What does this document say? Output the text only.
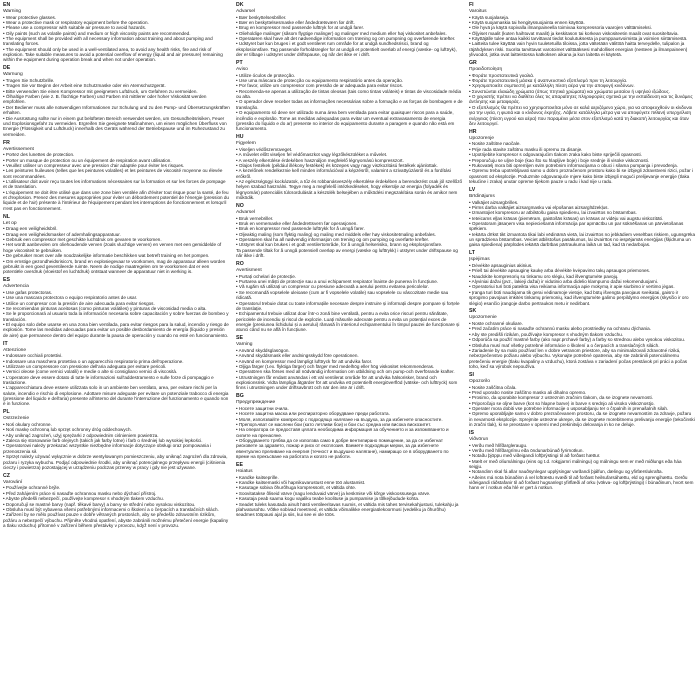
EN
Warning
• Wear protective glasses.
• Wear a protective mask or respiratory equipment before the operation.
• Please use a compressor with suitable air pressure to avoid hazards.
• Oily paints (such as volatile paints) and medium or high viscosity paints are recommended.
• The equipment shall be provided with all necessary information about training and about pumping and translating forces.
• The equipment should only be used in a well-ventilated area, to avoid any health risks, fire and risk of explosion. Take suitable measures to avoid a potential overflow of energy (liquid and air pressure) remaining within the equipment during operation break and when not under operation.
DE
Warnung
• Tragen Sie Schutzbrille.
• Tragen Sie vor Beginn der Arbeit eine Schutzmaske oder ein Atemschutzgerät.
• Bitte verwenden Sie einen Kompressor mit geeignetem Luftdruck, um Gefahren zu vermeiden.
• Ölhaltige Farben (wie z. B. flüchtige Farben) und Farben mit mittlerer oder hoher Viskosität werden empfohlen.
• Der Bediener muss alle notwendigen Informationen zur Schulung und zu den Pump- und Übersetzungskräften erhalten.
• Die Ausrüstung sollte nur in einem gut belüfteten Bereich verwendet werden, um Gesundheitsrisiken, Feuer und Explosionsgefahr zu vermeiden. Ergreifen Sie geeignete Maßnahmen, um einen möglichen Überfluss von Energie (Flüssigkeit und Luftdruck) innerhalb des Geräts während der Betriebspause und im Ruhezustand zu vermeiden.
FR
Avertissement
• Portez des lunettes de protection.
• Porter un masque de protection ou un équipement de respiration avant utilisation.
• Veuillez utiliser un compresseur avec une pression d'air adaptée pour éviter les risques.
• Les peintures huileuses (telles que les peintures volatiles) et les peintures de viscosité moyenne ou élevée sont recommandées.
• L'utilisateur doit avoir reçu toutes les informations nécessaires sur la formation et sur les forces de pompage et de translation.
• L'équipement ne doit être utilisé que dans une zone bien ventilée afin d'éviter tout risque pour la santé, de feu et d'explosion. Prenez des mesures appropriées pour éviter un débordement potentiel de l'énergie (pression du liquide et de l'air) présente à l'intérieur de l'équipement pendant les interruptions de fonctionnement et lorsqu'il n'est pas en fonctionnement.
NL
Let op
• Draag een veiligheidsbril.
• Draag een veiligheidsmasker of ademhalingsapparatuur.
• Gebruik een compressor met geschikte luchtdruk om gevaren te voorkomen.
• Het wordt aanbevolen om oliehoudende verven (zoals vluchtige verven) en verven met een gemiddelde of hoge viscositeit te gebruiken.
• De gebruiker moet over alle noodzakelijke informatie beschikken wat betreft training en het pompen.
• Om ernstige gezondheidsrisico's, brand en explosiegevaar te voorkomen, mag de apparatuur alleen worden gebruikt in een goed geventileerde ruimte. Neem de nodige maatregelen om te voorkomen dat er een potentiële overdruk (vloeistof en luchtdruk) ontstaat wanneer de apparatuur niet in werking is.
ES
Advertencia
• Use gafas protectoras.
• Use una mascara protectora o equipo respiratorio antes de usar.
• Utilice un compresor con la presión de aire adecuada para evitar riesgos.
• Se recomiendan pinturas aceitosas (como pinturas volátiles) y pinturas de viscosidad media o alta.
• Se le proporcionará al usuario toda la información necesaria sobre capacitación y sobre fuerzas de bombeo y translación.
• El equipo solo debe usarse en una zona bien ventilada, para evitar riesgos para la salud, incendio y riesgo de explosión. Tome las medidas adecuadas para evitar un posible desbordamiento de energía (líquido y presión de aire) que permanece dentro del equipo durante la pausa de operación y cuando no esté en funcionamiento.
IT
Attenzione
• Indossare occhiali protettivi.
• Indossare una maschera protettiva o un apparecchio respiratorio prima dell'operazione.
• Utilizzare un compressore con pressione dell'aria adeguata per evitare pericoli.
• Vernici oleose (come vernici volatili) e medie o alte si consigliano vernici di viscosità.
• L'operatore deve essere dotato di tutte le informazioni sull'addestramento e sulle forze di pompaggio e traslazione.
• L'apparecchiatura deve essere utilizzata solo in un ambiente ben ventilato, area, per evitare rischi per la salute, incendio e rischio di esplosione. Adottare misure adeguate per evitare un potenziale trabocco di energia (pressione del liquido e dell'aria) presente all'interno del durante l'interruzione del funzionamento e quando non è in funzione.
PL
Ostrzeżenie
• Noś okulary ochronne.
• Noś maskę ochronną lub sprzęt ochronny dróg oddechowych.
• Aby uniknąć zagrożeń, użyj sprężarki z odpowiednim ciśnieniem powietrza.
• Zaleca się stosowanie farb olejnych (takich jak farby lotne) i farb o średniej lub wysokiej lepkości.
• Operatorowi należy przekazać wszystkie niezbędne informacje dotyczące obsługi oraz pompowania i przenoszenia sił.
• Sprzęt należy używać wyłącznie w dobrze wentylowanym pomieszczeniu, aby uniknąć zagrożeń dla zdrowia, pożaru i ryzyka wybuchu. Podjąć odpowiednie środki, aby uniknąć potencjalnego przepływu energii (ciśnienia cieczy i powietrza) pozostającej w urządzeniu podczas przerwy w pracy i gdy nie jest używane.
CZ
Varování
• Používejte ochranné brýle.
• Před zahájením práce si nasaďte ochrannou masku nebo dýchací přístroj.
• Abyste předešli nebezpečí, používejte kompresor s vhodným tlakem vzduchu.
• Doporučují se mastné barvy (např. těkavé barvy) a barvy se střední nebo vysokou viskozitou.
• Obsluha musí být vybavena všemi potřebnými informacemi o školení a o čerpacích a translačních silách.
• Zařízení by se mělo používat pouze v dobře větraných prostorách, aby se předešlo zdravotním rizikům, požáru a nebezpečí výbuchu. Přijměte vhodná opatření, abyste zabránili možnému přetečení energie (kapaliny a tlaku vzduchu) přítomné v zařízení během přestávky v provozu, když není v provozu.
DK
Advarsel
• Bær beskyttelsesbriller.
• Bær en beskyttelsesmaske eller åndedrætsværn før drift.
• Brug en kompressor med passende lufttryk for at undgå farer.
• Olieholdige malinger (såsom flygtige malinger) og malinger med medium eller høj viskositet anbefales.
• Operatøren skal have alt det nødvendige information om træning og om pumpning og overførende kræfter.
• Udstyret bør kun bruges i et godt ventileret rum område for at undgå sundhedsrisici, brand og eksplosionsfare. Tag passende forholdsregler for at undgå et potentielt overløb af energi (væske- og lufttryk), der er tilbage i udstyret under driftspause, og når det ikke er i drift.
PT
Aviso
• Utilize óculos de protecção.
• Use uma máscara de protecção ou equipamento respiratório antes da operação.
• Por favor, utilize um compressor com pressão de ar adequada para evitar riscos.
• Recomenda-se apenas a utilização de tintas oleosas (tais como tintas voláteis) e tintas de viscosidade média ou alta.
• O operador deve receber todas as informações necessárias sobre a formação e as forças de bombagem e de translação.
• O equipamento só deve ser utilizado numa área bem ventilada para evitar quaisquer riscos para a saúde, incêndio e explosão. Tome as medidas adequadas para evitar um eventual extravasamento de energia (pressão do líquido e do ar) presente no interior do equipamento durante a paragem e quando não está em funcionamento.
HU
Figyelem
• Viseljen védőszemüveget.
• A művelet előtt viseljen fel védőmaszkot vagy légzőkészüléket a művelet.
• A veszély elkerülése érdekében használjon megfelelő légnyomású kompresszort.
• Olajos festékek (például illékony festékek) és közepes vagy nagy viszkozitású festékek ajánlottak.
• A kezelőnek rendelkeznie kell minden információval a képzésről, valamint a szivattyúzásról és a fordítási erőkről.
• Az egészségügyi kockázatok, a tűz és robbanásveszély elkerülése érdekében a berendezést csak jól szellőző helyen szabad használni. Tegye meg a megfelelő intézkedéseket, hogy elkerülje az energia (folyadék és légnyomás) potenciális túlcsordulását a készülék belsejében a működési megszakítása során és amikor nem működik.
NO
Advarsel
• Bruk vernebriller.
• Bruk en vernemaske eller åndedrettsvern før operasjonen.
• Bruk en kompressor med passende lufttrykk for å unngå farer.
• Oljeaktig maling (som flyktig maling) og maling med middels eller høy viskositetmaling anbefales.
• Operatøren skal ha all nødvendig informasjon om trening og om pumping og overførte krefter.
• Utstyret skal kun brukes i et godt ventilertområde, for å unngå helserisiko, brann og eksplosjonsfare.
Ta passende tiltak for å unngå potensiell overløp av energi (væske og lufttrykk) i utstyret under driftspause og når ikke i drift.
RO
Avertisment
• Purtați ochelari de protecție.
• Purtarea unei măști de protecție sau a unui echipament respirator înainte de punerea în funcțiune.
• Vă rugăm să utilizați un compresor cu presiune adecvată a aerului pentru evitarea pericolelor.
• Se recomandă vopselele uleioase (cum ar fi vopselele volatile) sau vopselele cu vâscozitate medie sau ridicată.
• Operatorul trebuie dotat cu toate informațiile necesare despre instruire și informații despre pompare și forțele de translație.
• Echipamentul trebuie utilizat doar într-o zonă bine ventilată, pentru a evita orice riscuri pentru sănătate, pericolele de incendiu și riscul de explozie. Luați măsurile adecvate pentru a evita un potențial exces de energie (presiunea lichidului și a aerului) rămasă în interiorul echipamentului în timpul pauzei de funcționare și atunci când nu se află în funcțiune.
SE
Varning
• Använd skyddsglasögon.
• Använd skyddsmask eller andningsskydd före operationen.
• Använd en kompressor med lämpligt lufttryck för att undvika faror.
• Oljiga färger (t.ex. flyktiga färger) och färger med medelhög eller hög viskositet rekommenderas.
• Operatören ska förses med all nödvändig information om utbildning och om pump-och överförande krafter.
• Utrustningen får endast användas i ett väl ventilerat område för att undvika hälsorisker, brand och explosionsrisk. Vidta lämpliga åtgärder för att undvika ett potentiellt energiöverflöd (vätske- och lufttryck) som finns i utrustningen under driftsavbrott och när den inte är i drift.
BG
Предупреждение
• Носете защитни очила.
• Носете защитна маска или респираторно оборудване преди работата.
• Моля, използвайте компресор с подходящо налягане на въздуха, за да избегнете опасностите.
• Препоръчват се маслени бои (като летливи бои) и бои със средна или висока вискозитет.
• На оператора се предоставя цялата необходима информация за обучението и за изпомпването и силите на пренасяне.
• Оборудването трябва да се използва само в добре вентилирано помещение, за да се избегнат рисковете за здравето, пожар и риск от експлозия. Вземете подходящи мерки, за да избегнете евентуално преливане на енергия (течност и въздушно налягане), намиращо се в оборудването по време на прекъсване на работата и когато не работи.
EE
Hoiatus
• Kandke kaitseprille.
• Kandke kaitsemaski või hapnikuvarustust enne töö alustamist.
• Kasutage sobiva õhurõhuga kompressorit, et vältida ohte.
• Soovitatakse õliseid värve (nagu lenduvaid värve) ja keskmise või kõrge viskoossusega värve.
• Kasutaja peab saama kogu vajaliku teabe koolituse ja pumpamise ja tõlkejõudude kohta.
• Seadet tuleks kasutada ainult hästi ventileeritavas ruumis, et vältida mis tahes tervisekahjustusi, tulekahju ja plahvatusohtu. Võtke sobivad meetmed, et vältida võimalikke energiaülekoormusi (vedeliku ja õhurõhu) seadmes tööpausi ajal ja siis, kui see ei ole töös.
FI
Varoitus
• Käytä suojalaseja.
• Käytä suojamaskia tai hengityssuojainta ennen käyttöä.
• Ole hyvä ja käytä sopivalla ilmanpaineella toimivaa kompressoria vaarojen välttämiseksi.
• Öljyiset maalit (kuten haihtuvat maalit) ja keskitason tai korkean viskositeetin maalit ovat suositeltavia.
• Käyttäjälle tulee antaa kaikki tarvittavat tiedot koulutuksesta ja pumppausvoimista ja voimien siirtämisestä.
• Laitteita tulee käyttää vain hyvin tuuletetuilla tiloissa, jotta vältetään välittöä haitta terveydelle, tulipalon ja räjähdyksen riski. Suorita tarvittavat varotoimet välttääksesi mahdolliset energian (nesteen ja ilmanpaineen) ylivuodot, jotka ovat laitteistossa katkoksen aikana ja kun laitetta ei käytetä.
GR
Προειδοποίηση
• Φοράτε προστατευτικά γυαλιά.
• Φοράτε προστατευτική μάσκα ή αναπνευστικό εξοπλισμό πριν τη λειτουργία.
• Χρησιμοποιείτε συμπιεστή με κατάλληλη πίεση αέρα για την αποφυγή κινδύνων.
• Συνιστώνται ελαιώδη χρώματα (όπως πτητικά χρώματα) και χρώματα μεσαίου ή υψηλού ιξώδους.
• Ο χειριστής πρέπει να διαθέτει όλες τις απαραίτητες πληροφορίες σχετικά με την εκπαίδευση και τις δυνάμεις άντλησης και μεταφοράς.
• Ο εξοπλισμός θα πρέπει να χρησιμοποιείται μόνο σε καλά αεριζόμενο χώρο, για να αποφευχθούν οι κίνδυνοι για την υγεία, η φωτιά και ο κίνδυνος έκρηξης. Λάβετε κατάλληλα μέτρα για να αποφύγετε πιθανή υπερχείλιση ενέργειας (πίεση υγρού και αέρα) που παραμένει μέσα στον εξοπλισμό κατά τη διακοπή λειτουργίας και όταν δεν λειτουργεί.
HR
Upozorenje
• Nosite zaštitne naočale.
• Prije rada stavite zaštitnu masku ili opremu za disanje.
• Upotrijebite kompresor s odgovarajućim tlakom zraka kako biste spriječili opasnosti.
• Preporučuju se uljne boje (kao što su hlapljive boje) i boje srednje ili visoke viskoznosti.
• Rukovatelj mora biti opremljen svim potrebnim informacijama o obuci i silama pumpanja i prevođenja.
• Opremu treba upotrebljavati samo u dobro prozračenom prostoru kako bi se izbjegli zdravstveni rizici, požar i opasnost od eksplozije. Poduzmite odgovarajuće mjere kako biste izbjegli mogući prelijevanje energije (tlaka tekućine i zraka) unutar opreme tijekom pauze u radu i kad nije u radu.
LV
Brīdinājums
• Valkājiet aizsargbrilles.
• Pirms darba valkājiet aizsargmasku vai elpošanas aizsarglīdzekļus.
• Izmantojiet kompresoru ar atbilstošu gaisa spiedienu, lai izvairītos no bīstamības.
• Ieteicams eļļas krāsas (piemēram, gaistošās krāsas) un krāsas ar vidēju vai augstu viskozitāti.
• Operatoram jāsaņem visa nepieciešamā informācija par apmācību un par sūknēšanas un pārvietošanas spēkiem.
• Iekārta drīkst tikt izmantota tikai labi vēdināmā vietā, lai izvairītos no jebkādiem veselības riskiem, ugunsgrēka un sprādziena bīstamības. Veiciet atbilstošus pasākumus, lai izvairītos no iespējamās enerģijas (šķidruma un gaisa spiediena) pārplūdes iekārtā darbības pārtraukuma laikā un tad, kad tā nedarbojas.
LT
Įspėjimas
• Dėvėkite apsauginius akinius.
• Prieš tai dėvėkite apsauginę kaukę arba dėvėkite kvėpavimo takų apsaugos priemones.
• Naudokite kompresorių su tinkamu oro slėgiu, kad išvengtumėte pavojų.
• Alyviniai dažai (pvz., lakieji dažai) ir vidutinio arba didelio klampumo dažai rekomenduojami.
• Operatoriui turi būti pateikta visa reikiama informacija apie mokymą ir apie siurbimo ir vertimo jėgas.
• Įranga turi būti naudojama tik gerai vėdinamoje vietoje, kad būtų išvengta pavojaus sveikatai, gaisro ir sprogimo pavojaus imkitės tinkamų priemonių, kad išvengtumėte galimo perpildymo energijos (skysčio ir oro slėgio) esančio įrangoje darbo pertraukos metu ir nedirbant.
SK
Upozornenie
• Noste ochranné okuliare.
• Pred začatím práce si nasaďte ochrannú masku alebo prostriedky na ochranu dýchania.
• Aby ste predišli rizikám, používajte kompresor s vhodným tlakom vzduchu.
• Odporúča sa použiť mastné farby (ako napr.prchavé farby) a farby so strednou alebo vysokou viskozitou.
• Obsluha musí mať všetky potrebné informácie o školení a o čerpacích a translačných silách.
• Zariadenie by sa malo používať len v dobre vetranom priestore, aby sa minimalizovali zdravotné riziká, nebezpečenstvo požiaru alebo výbuchu. Vykonajte potrebné opatrenia, aby ste zabránili potenciálnemu pretečeniu energie (tlaku kvapaliny a vzduchu), ktorá zostáva v zariadení počas prestávok pri práci a počas toho, keď sa výrobok nepoužíva.
SI
Opozorilo
• Nosite zaščitna očala.
• Pred uporabo nosite zaščitno masko ali dihalno opremo.
• Prosimo, da uporabite kompresor z ustreznim zračnim tlakom, da se izognete nevarnosti.
• Priporočajo se oljne barve (kot so hlapne barve) in barve s srednjo ali visoko viskoznostjo.
• Operater mora dobiti vse potrebne informacije o usposabljanju ter o črpalnih in prenašalnih silah.
• Opremo uporabljajte samo v dobro prezračevanem prostoru, da se izognete nevarnostim za zdravje, požaru in nevarnosti eksplozije. Sprejmite ustrezne ukrepe, da se izognete morebitnemu prelivanju energije (tekočinski in zračni tlak), ki se preostane v opremi med prekinitvijo delovanja in ko ne deluje.
IS
Viðvörun
• Verðu með hlífðargleraugu.
• Verðu með hlífðargrímu eða öndunarbúnað fyrirnotkun.
• Notaðu þjöppu með viðeigandi loftþrýstingi til að forðast hættur.
• Mælt er með olíumálningu (eins og t.d. rokgjarnri málningu) og málningu sem er með miðlungs eða háa seigju.
• Notandinn skal fá allar nauðsynlegar upplýsingar varðandi þjálfun, dælingu og yfirfærslukrafta.
• Aðeins má nota búnaðinn á vel loftræstu svæði til að forðast heilsufarsáhættu, eld og sprengihættu. Gerðu viðeigandi ráðstafanir til að forðast hugsanlegt yfirflæði af orku (vökva- og loftþrýstingi) í búnaðinum, hvort sem hann er í notkun eða hlé er gert á notkun.
